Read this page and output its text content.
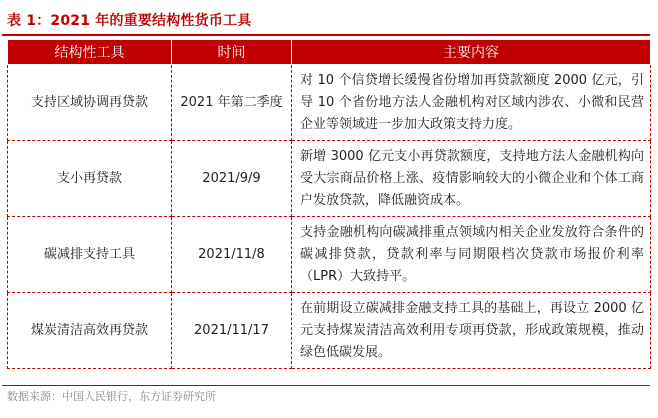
表 1：2021 年的重要结构性货币工具
结构性工具	时间	主要内容

支持区域协调再贷款	2021 年第二季度	对 10 个信贷增长缓慢省份增加再贷款额度 2000 亿元，引导 10 个省份地方法人金融机构对区域内涉农、小微和民营企业等领域进一步加大政策支持力度。

支小再贷款	2021/9/9	新增 3000 亿元支小再贷款额度，支持地方法人金融机构向受大宗商品价格上涨、疫情影响较大的小微企业和个体工商户发放贷款，降低融资成本。

碳减排支持工具	2021/11/8	支持金融机构向碳减排重点领域内相关企业发放符合条件的碳减排贷款，贷款利率与同期限档次贷款市场报价利率（LPR）大致持平。

煤炭清洁高效再贷款	2021/11/17	在前期设立碳减排金融支持工具的基础上，再设立 2000 亿元支持煤炭清洁高效利用专项再贷款，形成政策规模，推动绿色低碳发展。
数据来源：中国人民银行，东方证券研究所
